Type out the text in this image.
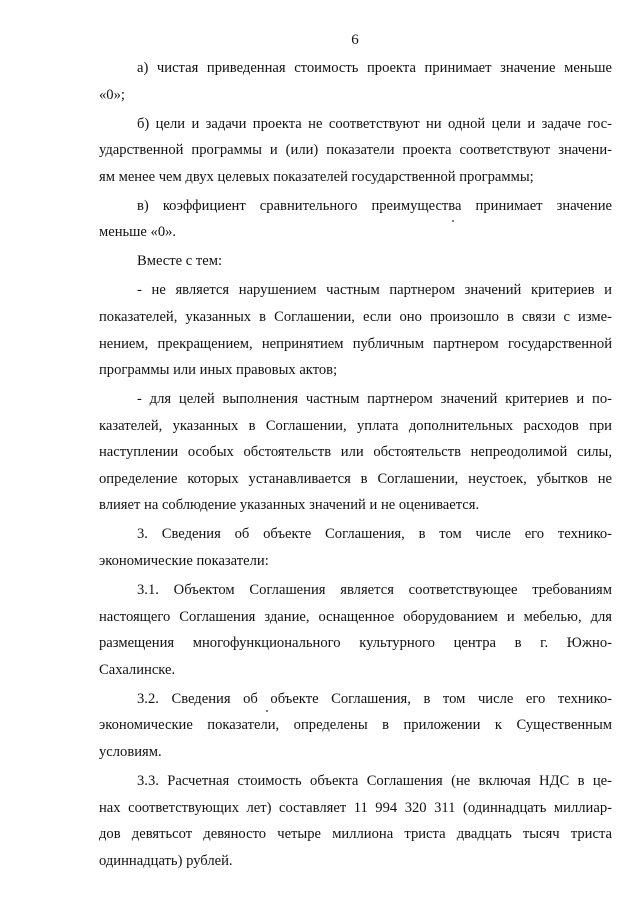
6
а) чистая приведенная стоимость проекта принимает значение меньше
«0»;
б) цели и задачи проекта не соответствуют ни одной цели и задаче гос-
ударственной программы и (или) показатели проекта соответствуют значени-
ям менее чем двух целевых показателей государственной программы;
в) коэффициент сравнительного преимущества принимает значение
меньше «0».
Вместе с тем:
- не является нарушением частным партнером значений критериев и
показателей, указанных в Соглашении, если оно произошло в связи с изме-
нением, прекращением, непринятием публичным партнером государственной
программы или иных правовых актов;
- для целей выполнения частным партнером значений критериев и по-
казателей, указанных в Соглашении, уплата дополнительных расходов при
наступлении особых обстоятельств или обстоятельств непреодолимой силы,
определение которых устанавливается в Соглашении, неустоек, убытков не
влияет на соблюдение указанных значений и не оценивается.
3. Сведения об объекте Соглашения, в том числе его технико-
экономические показатели:
3.1. Объектом Соглашения является соответствующее требованиям
настоящего Соглашения здание, оснащенное оборудованием и мебелью, для
размещения многофункционального культурного центра в г. Южно-
Сахалинске.
3.2. Сведения об объекте Соглашения, в том числе его технико-
экономические показатели, определены в приложении к Существенным
условиям.
3.3. Расчетная стоимость объекта Соглашения (не включая НДС в це-
нах соответствующих лет) составляет 11 994 320 311 (одиннадцать миллиар-
дов девятьсот девяносто четыре миллиона триста двадцать тысяч триста
одиннадцать) рублей.
